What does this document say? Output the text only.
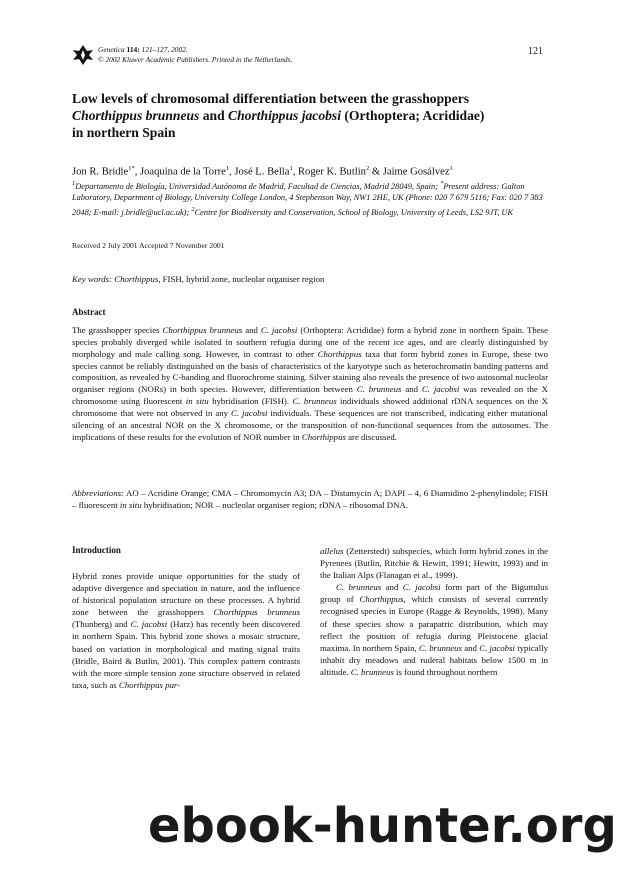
Genetica 114: 121–127, 2002.
© 2002 Kluwer Academic Publishers. Printed in the Netherlands.
121
Low levels of chromosomal differentiation between the grasshoppers
Chorthippus brunneus and Chorthippus jacobsi (Orthoptera; Acrididae)
in northern Spain
Jon R. Bridle$^{1*}$, Joaquina de la Torre$^1$, José L. Bella$^1$, Roger K. Butlin$^2$ & Jaime Gosálvez$^1$
$^1$Departamento de Biología, Universidad Autónoma de Madrid, Facultad de Ciencias, Madrid 28049, Spain; *Present address: Galton Laboratory, Department of Biology, University College London, 4 Stephenson Way, NW1 2HE, UK (Phone: 020 7 679 5116; Fax: 020 7 383 2048; E-mail: j.bridle@ucl.ac.uk); $^2$Centre for Biodiversity and Conservation, School of Biology, University of Leeds, LS2 9JT, UK
Received 2 July 2001 Accepted 7 November 2001
Key words: Chorthippus, FISH, hybrid zone, nucleolar organiser region
Abstract
The grasshopper species Chorthippus brunneus and C. jacobsi (Orthoptera: Acrididae) form a hybrid zone in northern Spain. These species probably diverged while isolated in southern refugia during one of the recent ice ages, and are clearly distinguished by morphology and male calling song. However, in contrast to other Chorthippus taxa that form hybrid zones in Europe, these two species cannot be reliably distinguished on the basis of characteristics of the karyotype such as heterochromatin banding patterns and composition, as revealed by C-banding and fluorochrome staining. Silver staining also reveals the presence of two autosomal nucleolar organiser regions (NORs) in both species. However, differentiation between C. brunneus and C. jacobsi was revealed on the X chromosome using fluorescent in situ hybridisation (FISH). C. brunneus individuals showed additional rDNA sequences on the X chromosome that were not observed in any C. jacobsi individuals. These sequences are not transcribed, indicating either mutational silencing of an ancestral NOR on the X chromosome, or the transposition of non-functional sequences from the autosomes. The implications of these results for the evolution of NOR number in Chorthippus are discussed.
Abbreviations: AO – Acridine Orange; CMA – Chromomycin A3; DA – Distamycin A; DAPI – 4, 6 Diamidino 2-phenylindole; FISH – fluorescent in situ hybridisation; NOR – nucleolar organiser region; rDNA – ribosomal DNA.
Introduction

Hybrid zones provide unique opportunities for the study of adaptive divergence and speciation in nature, and the influence of historical population structure on these processes. A hybrid zone between the grasshoppers Chorthippus brunneus (Thunberg) and C. jacobsi (Harz) has recently been discovered in northern Spain. This hybrid zone shows a mosaic structure, based on variation in morphological and mating signal traits (Bridle, Baird & Butlin, 2001). This complex pattern contrasts with the more simple tension zone structure observed in related taxa, such as Chorthippus par-

allelus (Zetterstedt) subspecies, which form hybrid zones in the Pyrenees (Butlin, Ritchie & Hewitt, 1991; Hewitt, 1993) and in the Italian Alps (Flanagan et al., 1999).

C. brunneus and C. jacobsi form part of the Biguttulus group of Chorthippus, which consists of several currently recognised species in Europe (Ragge & Reynolds, 1998). Many of these species show a parapatric distribution, which may reflect the position of refugia during Pleistocene glacial maxima. In northern Spain, C. brunneus and C. jacobsi typically inhabit dry meadows and ruderal habitats below 1500 m in altitude. C. brunneus is found throughout northern

ebook-hunter.org
